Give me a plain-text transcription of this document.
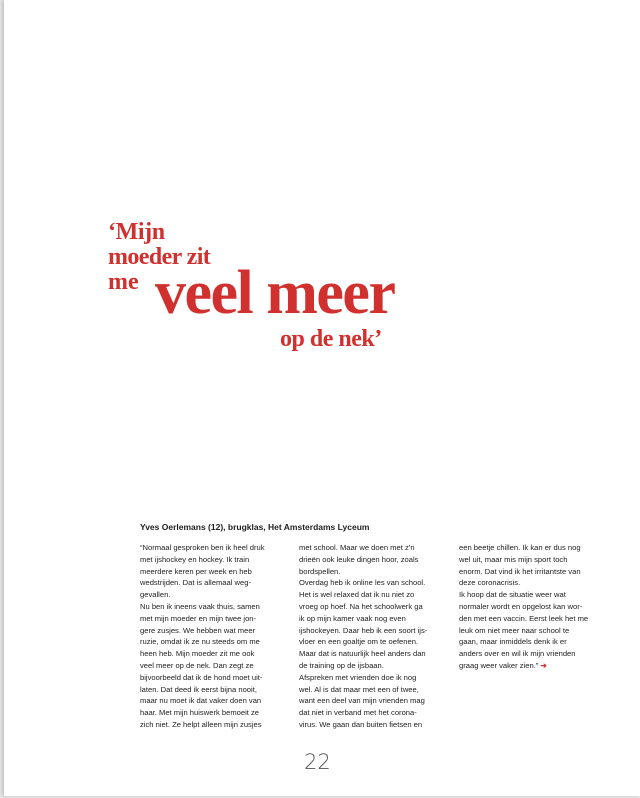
‘Mijn
moeder zit
me veel meer
op de nek’

Yves Oerlemans (12), brugklas, Het Amsterdams Lyceum

“Normaal gesproken ben ik heel druk

met ijshockey en hockey. Ik train

meerdere keren per week en heb

wedstrijden. Dat is allemaal weg-

gevallen.

Nu ben ik ineens vaak thuis, samen

met mijn moeder en mijn twee jon-

gere zusjes. We hebben wat meer

ruzie, omdat ik ze nu steeds om me

heen heb. Mijn moeder zit me ook

veel meer op de nek. Dan zegt ze

bijvoorbeeld dat ik de hond moet uit-

laten. Dat deed ik eerst bijna nooit,

maar nu moet ik dat vaker doen van

haar. Met mijn huiswerk bemoeit ze

zich niet. Ze helpt alleen mijn zusjes

met school. Maar we doen met z’n

drieën ook leuke dingen hoor, zoals

bordspellen.

Overdag heb ik online les van school.

Het is wel relaxed dat ik nu niet zo

vroeg op hoef. Na het schoolwerk ga

ik op mijn kamer vaak nog even

ijshockeyen. Daar heb ik een soort ijs-

vloer en een goaltje om te oefenen.

Maar dat is natuurlijk heel anders dan

de training op de ijsbaan.

Afspreken met vrienden doe ik nog

wel. Al is dat maar met een of twee,

want een deel van mijn vrienden mag

dat niet in verband met het corona-

virus. We gaan dan buiten fietsen en

een beetje chillen. Ik kan er dus nog

wel uit, maar mis mijn sport toch

enorm. Dat vind ik het irritantste van

deze coronacrisis.

Ik hoop dat de situatie weer wat

normaler wordt en opgelost kan wor-

den met een vaccin. Eerst leek het me

leuk om niet meer naar school te

gaan, maar inmiddels denk ik er

anders over en wil ik mijn vrienden

graag weer vaker zien.” ➔

22
